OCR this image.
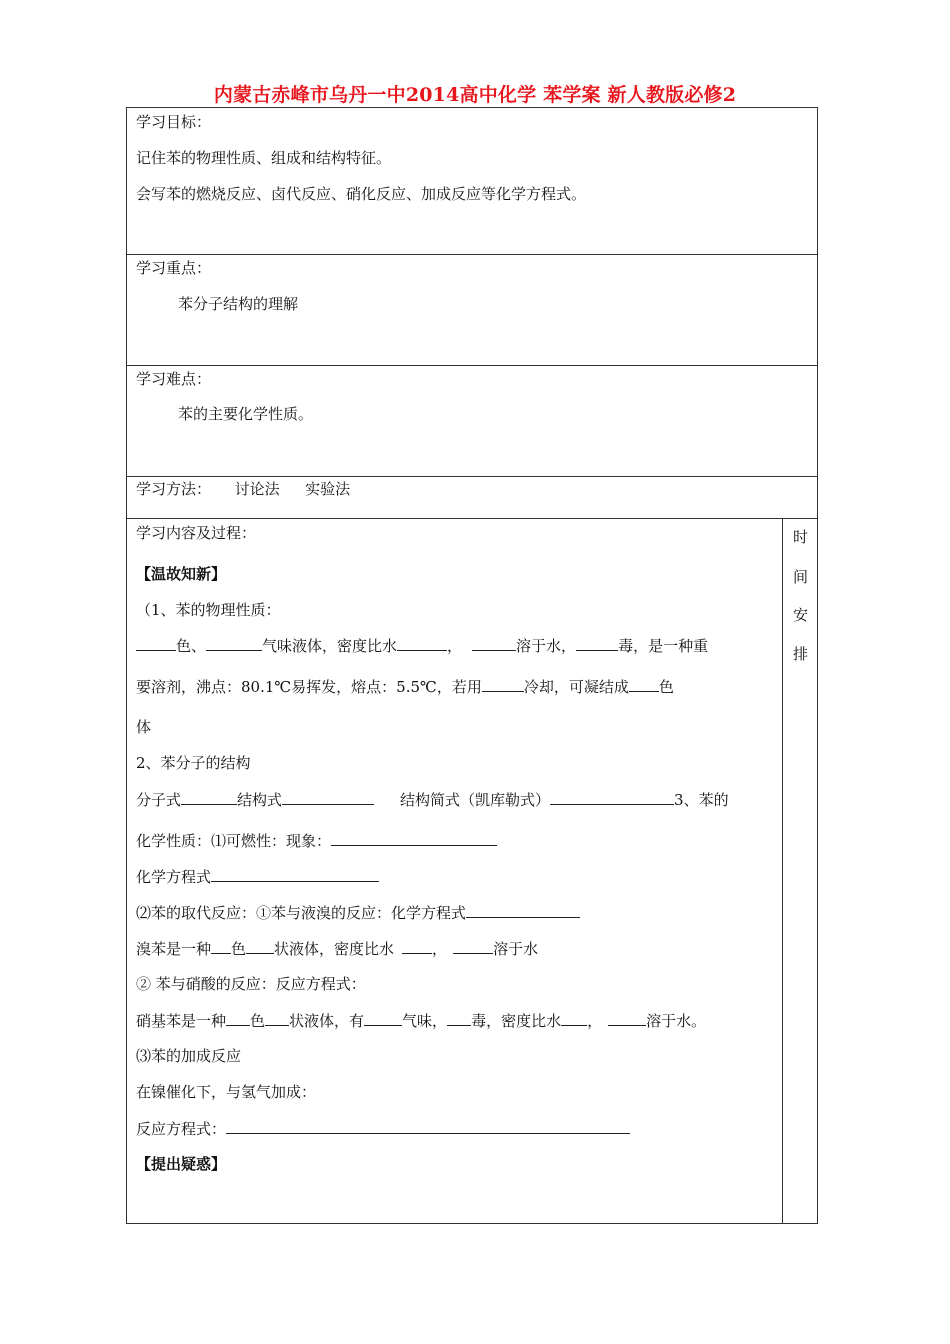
内蒙古赤峰市乌丹一中2014高中化学 苯学案 新人教版必修2
学习目标：
记住苯的物理性质、组成和结构特征。
会写苯的燃烧反应、卤代反应、硝化反应、加成反应等化学方程式。
学习重点：
苯分子结构的理解
学习难点：
苯的主要化学性质。
学习方法： 讨论法 实验法
时
间
安
排
学习内容及过程：
【温故知新】
（1、苯的物理性质：
色、	气味液体，密度比水	，	溶于水，	毒，是一种重
要溶剂，沸点：80.1℃易挥发，熔点：5.5℃，若用	冷却，可凝结成 色
体
2、苯分子的结构
分子式	结构式	结构简式（凯库勒式）	3、苯的
化学性质：⑴可燃性：现象：
化学方程式
⑵苯的取代反应：①苯与液溴的反应：化学方程式
溴苯是一种 色 状液体，密度比水	，	溶于水
② 苯与硝酸的反应：反应方程式：
硝基苯是一种 色 状液体，有	气味， 毒，密度比水 ，	溶于水。
⑶苯的加成反应
在镍催化下，与氢气加成：
反应方程式：
【提出疑惑】
